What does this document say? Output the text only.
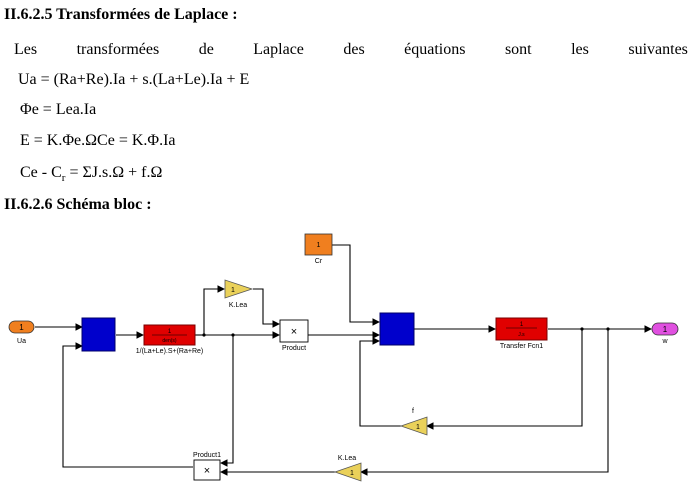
II.6.2.5 Transformées de Laplace :
Les transformées de Laplace des équations sont les suivantes
Ua = (Ra+Re).Ia + s.(La+Le).Ia + E
Φe = Lea.Ia
E = K.Φe.ΩCe = K.Φ.Ia
$Ce - C_r = \Sigma J.s.\Omega + f.\Omega$
II.6.2.6 Schéma bloc :
1
Ua
1
den(s)
1/(La+Le).S+(Ra+Re)
1
K.Lea
×
Product
1
Cr
1
J.s
Transfer Fcn1
1
w
1
f
1
K.Lea
×
Product1
